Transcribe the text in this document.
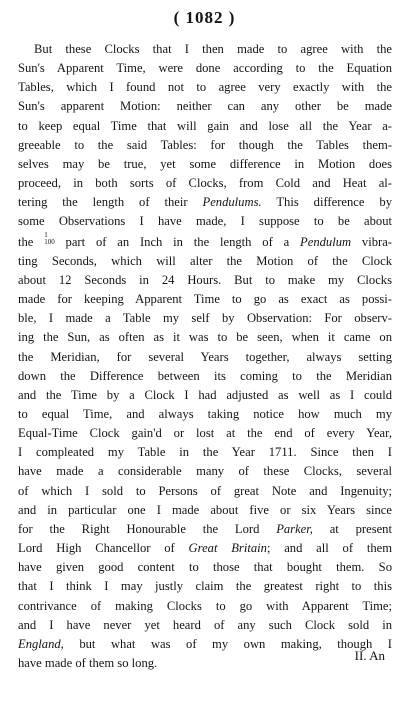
( 1082 )
But these Clocks that I then made to agree with the
Sun's Apparent Time, were done according to the Equation
Tables, which I found not to agree very exactly with the
Sun's apparent Motion: neither can any other be made
to keep equal Time that will gain and lose all the Year a-
greeable to the said Tables: for though the Tables them-
selves may be true, yet some difference in Motion does
proceed, in both sorts of Clocks, from Cold and Heat al-
tering the length of their Pendulums. This difference by
some Observations I have made, I suppose to be about
the 1
100 part of an Inch in the length of a Pendulum vibra-
ting Seconds, which will alter the Motion of the Clock
about 12 Seconds in 24 Hours. But to make my Clocks
made for keeping Apparent Time to go as exact as possi-
ble, I made a Table my self by Observation: For observ-
ing the Sun, as often as it was to be seen, when it came on
the Meridian, for several Years together, always setting
down the Difference between its coming to the Meridian
and the Time by a Clock I had adjusted as well as I could
to equal Time, and always taking notice how much my
Equal-Time Clock gain'd or lost at the end of every Year,
I compleated my Table in the Year 1711. Since then I
have made a considerable many of these Clocks, several
of which I sold to Persons of great Note and Ingenuity;
and in particular one I made about five or six Years since
for the Right Honourable the Lord Parker, at present
Lord High Chancellor of Great Britain; and all of them
have given good content to those that bought them. So
that I think I may justly claim the greatest right to this
contrivance of making Clocks to go with Apparent Time;
and I have never yet heard of any such Clock sold in
England, but what was of my own making, though I
have made of them so long.	II. An
